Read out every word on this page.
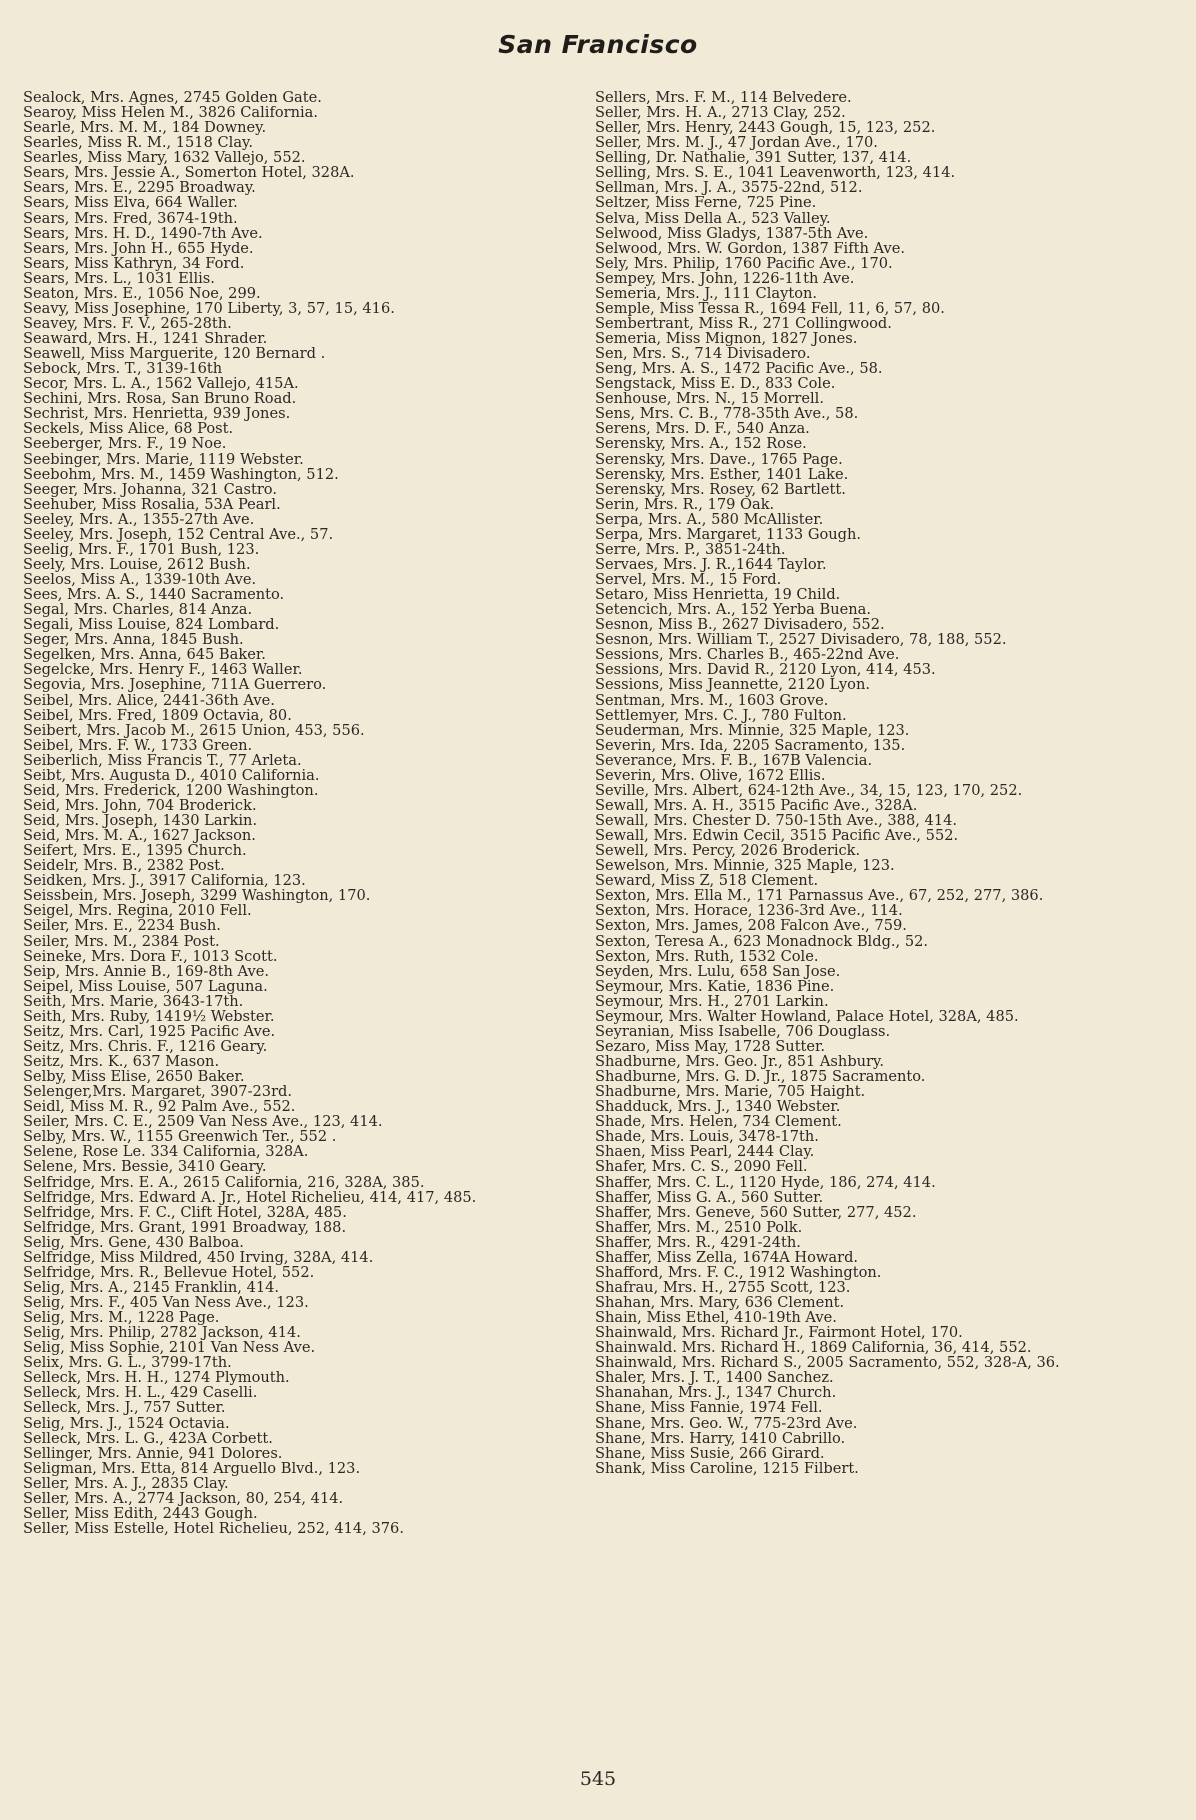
San Francisco

Sealock, Mrs. Agnes, 2745 Golden Gate.

Searoy, Miss Helen M., 3826 California.

Searle, Mrs. M. M., 184 Downey.

Searles, Miss R. M., 1518 Clay.

Searles, Miss Mary, 1632 Vallejo, 552.

Sears, Mrs. Jessie A., Somerton Hotel, 328A.

Sears, Mrs. E., 2295 Broadway.

Sears, Miss Elva, 664 Waller.

Sears, Mrs. Fred, 3674-19th.

Sears, Mrs. H. D., 1490-7th Ave.

Sears, Mrs. John H., 655 Hyde.

Sears, Miss Kathryn, 34 Ford.

Sears, Mrs. L., 1031 Ellis.

Seaton, Mrs. E., 1056 Noe, 299.

Seavy, Miss Josephine, 170 Liberty, 3, 57, 15, 416.

Seavey, Mrs. F. V., 265-28th.

Seaward, Mrs. H., 1241 Shrader.

Seawell, Miss Marguerite, 120 Bernard .

Sebock, Mrs. T., 3139-16th

Secor, Mrs. L. A., 1562 Vallejo, 415A.

Sechini, Mrs. Rosa, San Bruno Road.

Sechrist, Mrs. Henrietta, 939 Jones.

Seckels, Miss Alice, 68 Post.

Seeberger, Mrs. F., 19 Noe.

Seebinger, Mrs. Marie, 1119 Webster.

Seebohm, Mrs. M., 1459 Washington, 512.

Seeger, Mrs. Johanna, 321 Castro.

Seehuber, Miss Rosalia, 53A Pearl.

Seeley, Mrs. A., 1355-27th Ave.

Seeley, Mrs. Joseph, 152 Central Ave., 57.

Seelig, Mrs. F., 1701 Bush, 123.

Seely, Mrs. Louise, 2612 Bush.

Seelos, Miss A., 1339-10th Ave.

Sees, Mrs. A. S., 1440 Sacramento.

Segal, Mrs. Charles, 814 Anza.

Segali, Miss Louise, 824 Lombard.

Seger, Mrs. Anna, 1845 Bush.

Segelken, Mrs. Anna, 645 Baker.

Segelcke, Mrs. Henry F., 1463 Waller.

Segovia, Mrs. Josephine, 711A Guerrero.

Seibel, Mrs. Alice, 2441-36th Ave.

Seibel, Mrs. Fred, 1809 Octavia, 80.

Seibert, Mrs. Jacob M., 2615 Union, 453, 556.

Seibel, Mrs. F. W., 1733 Green.

Seiberlich, Miss Francis T., 77 Arleta.

Seibt, Mrs. Augusta D., 4010 California.

Seid, Mrs. Frederick, 1200 Washington.

Seid, Mrs. John, 704 Broderick.

Seid, Mrs. Joseph, 1430 Larkin.

Seid, Mrs. M. A., 1627 Jackson.

Seifert, Mrs. E., 1395 Church.

Seidelr, Mrs. B., 2382 Post.

Seidken, Mrs. J., 3917 California, 123.

Seissbein, Mrs. Joseph, 3299 Washington, 170.

Seigel, Mrs. Regina, 2010 Fell.

Seiler, Mrs. E., 2234 Bush.

Seiler, Mrs. M., 2384 Post.

Seineke, Mrs. Dora F., 1013 Scott.

Seip, Mrs. Annie B., 169-8th Ave.

Seipel, Miss Louise, 507 Laguna.

Seith, Mrs. Marie, 3643-17th.

Seith, Mrs. Ruby, 1419½ Webster.

Seitz, Mrs. Carl, 1925 Pacific Ave.

Seitz, Mrs. Chris. F., 1216 Geary.

Seitz, Mrs. K., 637 Mason.

Selby, Miss Elise, 2650 Baker.

Selenger,Mrs. Margaret, 3907-23rd.

Seidl, Miss M. R., 92 Palm Ave., 552.

Seiler, Mrs. C. E., 2509 Van Ness Ave., 123, 414.

Selby, Mrs. W., 1155 Greenwich Ter., 552 .

Selene, Rose Le. 334 California, 328A.

Selene, Mrs. Bessie, 3410 Geary.

Selfridge, Mrs. E. A., 2615 California, 216, 328A, 385.

Selfridge, Mrs. Edward A. Jr., Hotel Richelieu, 414, 417, 485.

Selfridge, Mrs. F. C., Clift Hotel, 328A, 485.

Selfridge, Mrs. Grant, 1991 Broadway, 188.

Selig, Mrs. Gene, 430 Balboa.

Selfridge, Miss Mildred, 450 Irving, 328A, 414.

Selfridge, Mrs. R., Bellevue Hotel, 552.

Selig, Mrs. A., 2145 Franklin, 414.

Selig, Mrs. F., 405 Van Ness Ave., 123.

Selig, Mrs. M., 1228 Page.

Selig, Mrs. Philip, 2782 Jackson, 414.

Selig, Miss Sophie, 2101 Van Ness Ave.

Selix, Mrs. G. L., 3799-17th.

Selleck, Mrs. H. H., 1274 Plymouth.

Selleck, Mrs. H. L., 429 Caselli.

Selleck, Mrs. J., 757 Sutter.

Selig, Mrs. J., 1524 Octavia.

Selleck, Mrs. L. G., 423A Corbett.

Sellinger, Mrs. Annie, 941 Dolores.

Seligman, Mrs. Etta, 814 Arguello Blvd., 123.

Seller, Mrs. A. J., 2835 Clay.

Seller, Mrs. A., 2774 Jackson, 80, 254, 414.

Seller, Miss Edith, 2443 Gough.

Seller, Miss Estelle, Hotel Richelieu, 252, 414, 376.

Sellers, Mrs. F. M., 114 Belvedere.

Seller, Mrs. H. A., 2713 Clay, 252.

Seller, Mrs. Henry, 2443 Gough, 15, 123, 252.

Seller, Mrs. M. J., 47 Jordan Ave., 170.

Selling, Dr. Nathalie, 391 Sutter, 137, 414.

Selling, Mrs. S. E., 1041 Leavenworth, 123, 414.

Sellman, Mrs. J. A., 3575-22nd, 512.

Seltzer, Miss Ferne, 725 Pine.

Selva, Miss Della A., 523 Valley.

Selwood, Miss Gladys, 1387-5th Ave.

Selwood, Mrs. W. Gordon, 1387 Fifth Ave.

Sely, Mrs. Philip, 1760 Pacific Ave., 170.

Sempey, Mrs. John, 1226-11th Ave.

Semeria, Mrs. J., 111 Clayton.

Semple, Miss Tessa R., 1694 Fell, 11, 6, 57, 80.

Sembertrant, Miss R., 271 Collingwood.

Semeria, Miss Mignon, 1827 Jones.

Sen, Mrs. S., 714 Divisadero.

Seng, Mrs. A. S., 1472 Pacific Ave., 58.

Sengstack, Miss E. D., 833 Cole.

Senhouse, Mrs. N., 15 Morrell.

Sens, Mrs. C. B., 778-35th Ave., 58.

Serens, Mrs. D. F., 540 Anza.

Serensky, Mrs. A., 152 Rose.

Serensky, Mrs. Dave., 1765 Page.

Serensky, Mrs. Esther, 1401 Lake.

Serensky, Mrs. Rosey, 62 Bartlett.

Serin, Mrs. R., 179 Oak.

Serpa, Mrs. A., 580 McAllister.

Serpa, Mrs. Margaret, 1133 Gough.

Serre, Mrs. P., 3851-24th.

Servaes, Mrs. J. R.,1644 Taylor.

Servel, Mrs. M., 15 Ford.

Setaro, Miss Henrietta, 19 Child.

Setencich, Mrs. A., 152 Yerba Buena.

Sesnon, Miss B., 2627 Divisadero, 552.

Sesnon, Mrs. William T., 2527 Divisadero, 78, 188, 552.

Sessions, Mrs. Charles B., 465-22nd Ave.

Sessions, Mrs. David R., 2120 Lyon, 414, 453.

Sessions, Miss Jeannette, 2120 Lyon.

Sentman, Mrs. M., 1603 Grove.

Settlemyer, Mrs. C. J., 780 Fulton.

Seuderman, Mrs. Minnie, 325 Maple, 123.

Severin, Mrs. Ida, 2205 Sacramento, 135.

Severance, Mrs. F. B., 167B Valencia.

Severin, Mrs. Olive, 1672 Ellis.

Seville, Mrs. Albert, 624-12th Ave., 34, 15, 123, 170, 252.

Sewall, Mrs. A. H., 3515 Pacific Ave., 328A.

Sewall, Mrs. Chester D. 750-15th Ave., 388, 414.

Sewall, Mrs. Edwin Cecil, 3515 Pacific Ave., 552.

Sewell, Mrs. Percy, 2026 Broderick.

Sewelson, Mrs. Minnie, 325 Maple, 123.

Seward, Miss Z, 518 Clement.

Sexton, Mrs. Ella M., 171 Parnassus Ave., 67, 252, 277, 386.

Sexton, Mrs. Horace, 1236-3rd Ave., 114.

Sexton, Mrs. James, 208 Falcon Ave., 759.

Sexton, Teresa A., 623 Monadnock Bldg., 52.

Sexton, Mrs. Ruth, 1532 Cole.

Seyden, Mrs. Lulu, 658 San Jose.

Seymour, Mrs. Katie, 1836 Pine.

Seymour, Mrs. H., 2701 Larkin.

Seymour, Mrs. Walter Howland, Palace Hotel, 328A, 485.

Seyranian, Miss Isabelle, 706 Douglass.

Sezaro, Miss May, 1728 Sutter.

Shadburne, Mrs. Geo. Jr., 851 Ashbury.

Shadburne, Mrs. G. D. Jr., 1875 Sacramento.

Shadburne, Mrs. Marie, 705 Haight.

Shadduck, Mrs. J., 1340 Webster.

Shade, Mrs. Helen, 734 Clement.

Shade, Mrs. Louis, 3478-17th.

Shaen, Miss Pearl, 2444 Clay.

Shafer, Mrs. C. S., 2090 Fell.

Shaffer, Mrs. C. L., 1120 Hyde, 186, 274, 414.

Shaffer, Miss G. A., 560 Sutter.

Shaffer, Mrs. Geneve, 560 Sutter, 277, 452.

Shaffer, Mrs. M., 2510 Polk.

Shaffer, Mrs. R., 4291-24th.

Shaffer, Miss Zella, 1674A Howard.

Shafford, Mrs. F. C., 1912 Washington.

Shafrau, Mrs. H., 2755 Scott, 123.

Shahan, Mrs. Mary, 636 Clement.

Shain, Miss Ethel, 410-19th Ave.

Shainwald, Mrs. Richard Jr., Fairmont Hotel, 170.

Shainwald. Mrs. Richard H., 1869 California, 36, 414, 552.

Shainwald, Mrs. Richard S., 2005 Sacramento, 552, 328-A, 36.

Shaler, Mrs. J. T., 1400 Sanchez.

Shanahan, Mrs. J., 1347 Church.

Shane, Miss Fannie, 1974 Fell.

Shane, Mrs. Geo. W., 775-23rd Ave.

Shane, Mrs. Harry, 1410 Cabrillo.

Shane, Miss Susie, 266 Girard.

Shank, Miss Caroline, 1215 Filbert.

545
